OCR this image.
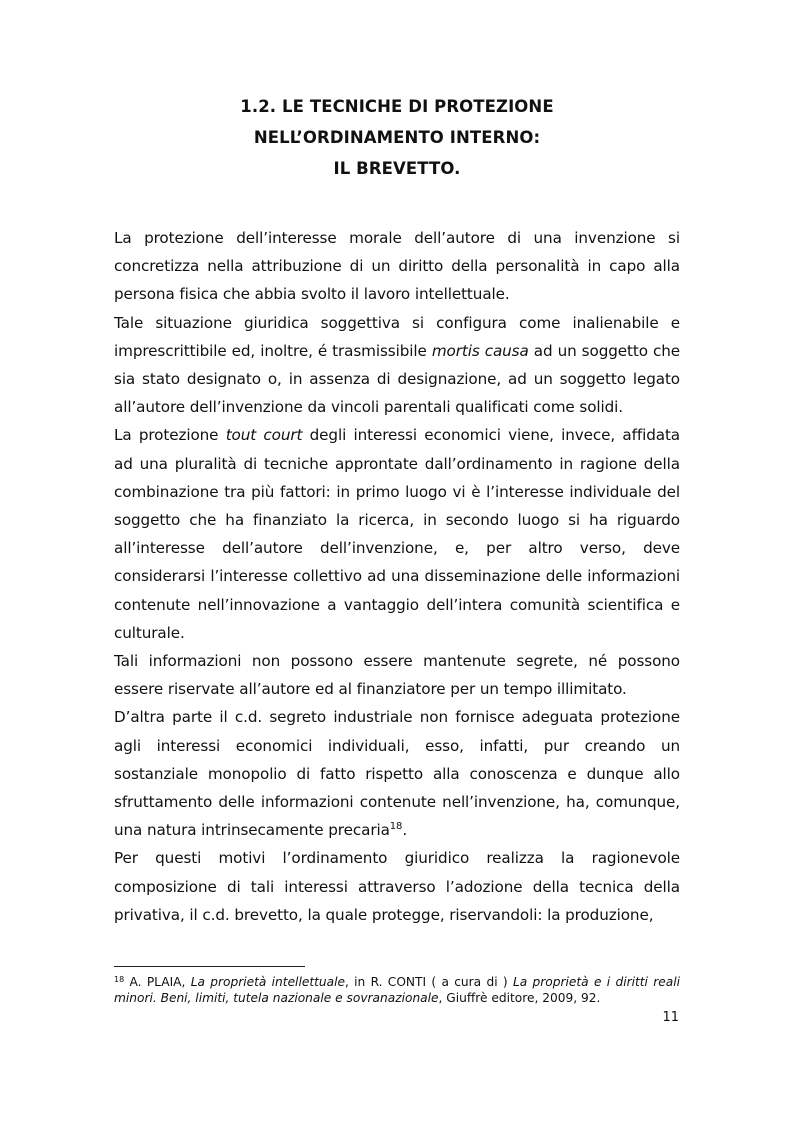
1.2. LE TECNICHE DI PROTEZIONE
NELL’ORDINAMENTO INTERNO:
IL BREVETTO.

La protezione dell’interesse morale dell’autore di una invenzione si concretizza nella attribuzione di un diritto della personalità in capo alla persona fisica che abbia svolto il lavoro intellettuale.

Tale situazione giuridica soggettiva si configura come inalienabile e imprescrittibile ed, inoltre, é trasmissibile mortis causa ad un soggetto che sia stato designato o, in assenza di designazione, ad un soggetto legato all’autore dell’invenzione da vincoli parentali qualificati come solidi.

La protezione tout court degli interessi economici viene, invece, affidata ad una pluralità di tecniche approntate dall’ordinamento in ragione della combinazione tra più fattori: in primo luogo vi è l’interesse individuale del soggetto che ha finanziato la ricerca, in secondo luogo si ha riguardo all’interesse dell’autore dell’invenzione, e, per altro verso, deve considerarsi l’interesse collettivo ad una disseminazione delle informazioni contenute nell’innovazione a vantaggio dell’intera comunità scientifica e culturale.

Tali informazioni non possono essere mantenute segrete, né possono essere riservate all’autore ed al finanziatore per un tempo illimitato.

D’altra parte il c.d. segreto industriale non fornisce adeguata protezione agli interessi economici individuali, esso, infatti, pur creando un sostanziale monopolio di fatto rispetto alla conoscenza e dunque allo sfruttamento delle informazioni contenute nell’invenzione, ha, comunque, una natura intrinsecamente precaria$^{18}$.

Per questi motivi l’ordinamento giuridico realizza la ragionevole composizione di tali interessi attraverso l’adozione della tecnica della privativa, il c.d. brevetto, la quale protegge, riservandoli: la produzione,

$^{18}$ A. PLAIA, La proprietà intellettuale, in R. CONTI ( a cura di ) La proprietà e i diritti reali minori. Beni, limiti, tutela nazionale e sovranazionale, Giuffrè editore, 2009, 92.
11
